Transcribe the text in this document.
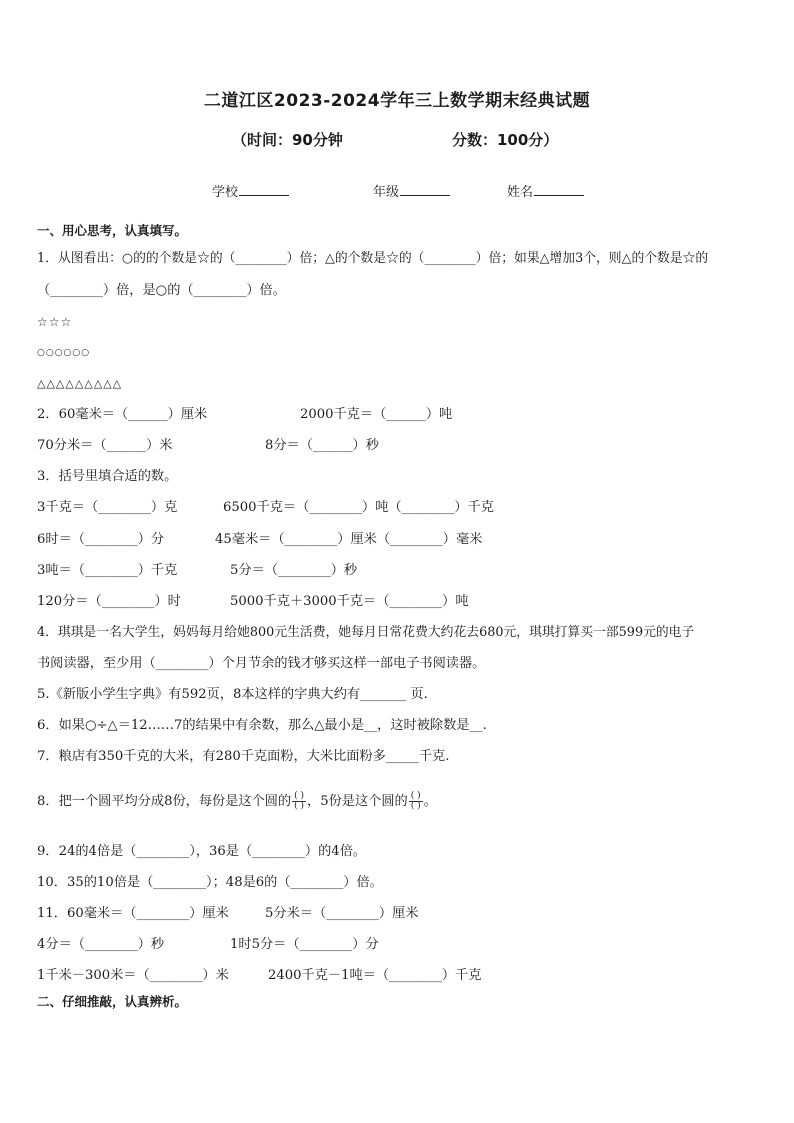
二道江区2023-2024学年三上数学期末经典试题
（时间：90分钟	分数：100分）
学校	年级	姓名
一、用心思考，认真填写。
1．从图看出：○的的个数是☆的（________）倍；△的个数是☆的（________）倍；如果△增加3个，则△的个数是☆的
（________）倍，是○的（________）倍。
☆☆☆
○○○○○○
△△△△△△△△△
2．60毫米＝（______）厘米	2000千克＝（______）吨
70分米＝（______）米	8分＝（______）秒
3．括号里填合适的数。
3千克＝（________）克	6500千克＝（________）吨（________）千克
6时＝（________）分	45毫米＝（________）厘米（________）毫米
3吨＝（________）千克	5分＝（________）秒
120分＝（________）时	5000千克＋3000千克＝（________）吨
4．琪琪是一名大学生，妈妈每月给她800元生活费，她每月日常花费大约花去680元，琪琪打算买一部599元的电子
书阅读器，至少用（________）个月节余的钱才够买这样一部电子书阅读器。
5.《新版小学生字典》有592页，8本这样的字典大约有_______ 页.
6．如果○÷△＝12……7的结果中有余数，那么△最小是__，这时被除数是__.
7．粮店有350千克的大米，有280千克面粉，大米比面粉多_____千克.
8．把一个圆平均分成8份，每份是这个圆的 $\frac{( )}{( )}$ ，5份是这个圆的 $\frac{( )}{( )}$ 。
9．24的4倍是（________），36是（________）的4倍。
10．35的10倍是（________）；48是6的（________）倍。
11．60毫米＝（________）厘米	5分米＝（________）厘米
4分＝（________）秒	1时5分＝（________）分
1千米－300米＝（________）米	2400千克－1吨＝（________）千克
二、仔细推敲，认真辨析。
